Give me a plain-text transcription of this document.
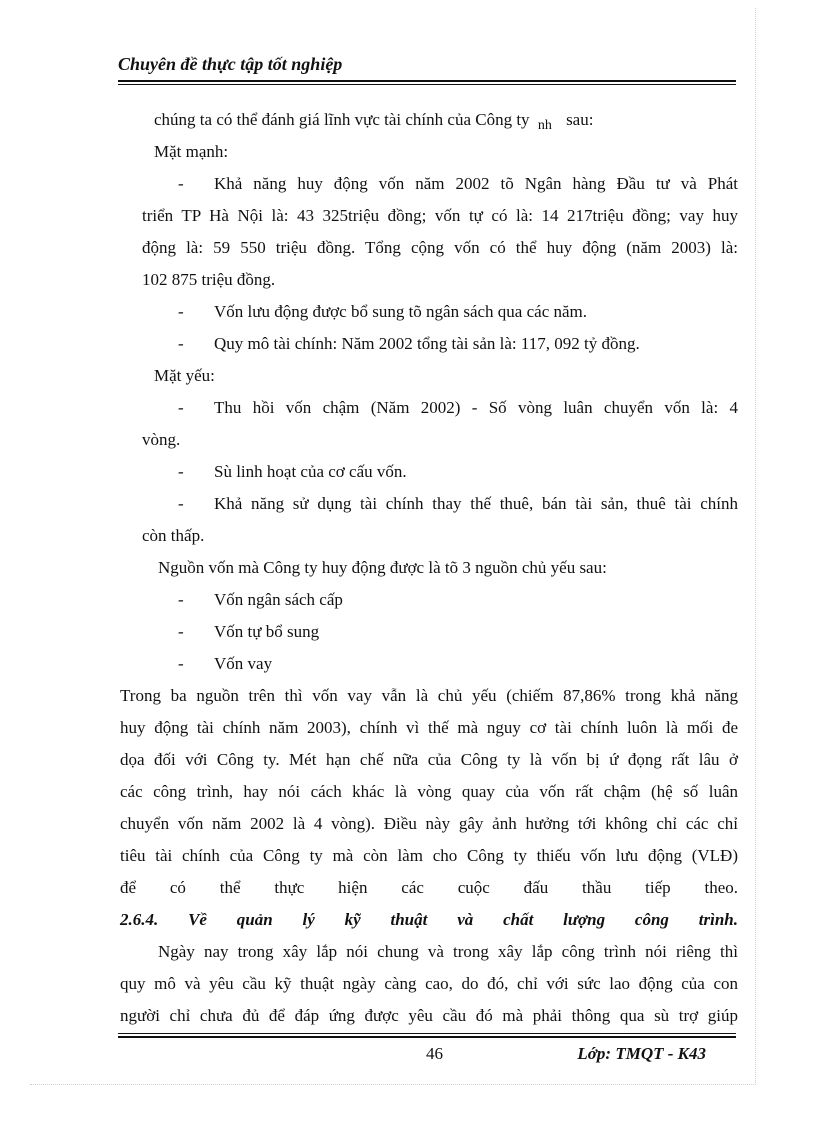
Chuyên đề thực tập tốt nghiệp
chúng ta có thể đánh giá lĩnh vực tài chính của Công ty $_{nh}$ sau:
Mặt mạnh:
-	Khả năng huy động vốn năm 2002 tõ Ngân hàng Đầu tư và Phát
triển TP Hà Nội là: 43 325triệu đồng; vốn tự có là: 14 217triệu đồng; vay huy
động là: 59 550 triệu đồng. Tổng cộng vốn có thể huy động (năm 2003) là:
102 875 triệu đồng.
- Vốn lưu động được bổ sung tõ ngân sách qua các năm.
- Quy mô tài chính: Năm 2002 tổng tài sản là: 117, 092 tỷ đồng.
Mặt yếu:
-	Thu hồi vốn chậm (Năm 2002) - Số vòng luân chuyển vốn là: 4
vòng.
- Sù linh hoạt của cơ cấu vốn.
-	Khả năng sử dụng tài chính thay thế thuê, bán tài sản, thuê tài chính
còn thấp.
Nguồn vốn mà Công ty huy động được là tõ 3 nguồn chủ yếu sau:
- Vốn ngân sách cấp
- Vốn tự bổ sung
- Vốn vay
Trong ba nguồn trên thì vốn vay vẫn là chủ yếu (chiếm 87,86% trong khả năng
huy động tài chính năm 2003), chính vì thế mà nguy cơ tài chính luôn là mối đe
dọa đối với Công ty. Mét hạn chế nữa của Công ty là vốn bị ứ đọng rất lâu ở
các công trình, hay nói cách khác là vòng quay của vốn rất chậm (hệ số luân
chuyển vốn năm 2002 là 4 vòng). Điều này gây ảnh hưởng tới không chỉ các chỉ
tiêu tài chính của Công ty mà còn làm cho Công ty thiếu vốn lưu động (VLĐ)
để có thể thực hiện các cuộc đấu thầu tiếp theo.
2.6.4. Về quản lý kỹ thuật và chất lượng công trình.
Ngày nay trong xây lắp nói chung và trong xây lắp công trình nói riêng thì
quy mô và yêu cầu kỹ thuật ngày càng cao, do đó, chỉ với sức lao động của con
người chỉ chưa đủ để đáp ứng được yêu cầu đó mà phải thông qua sù trợ giúp
46	Lớp: TMQT - K43
